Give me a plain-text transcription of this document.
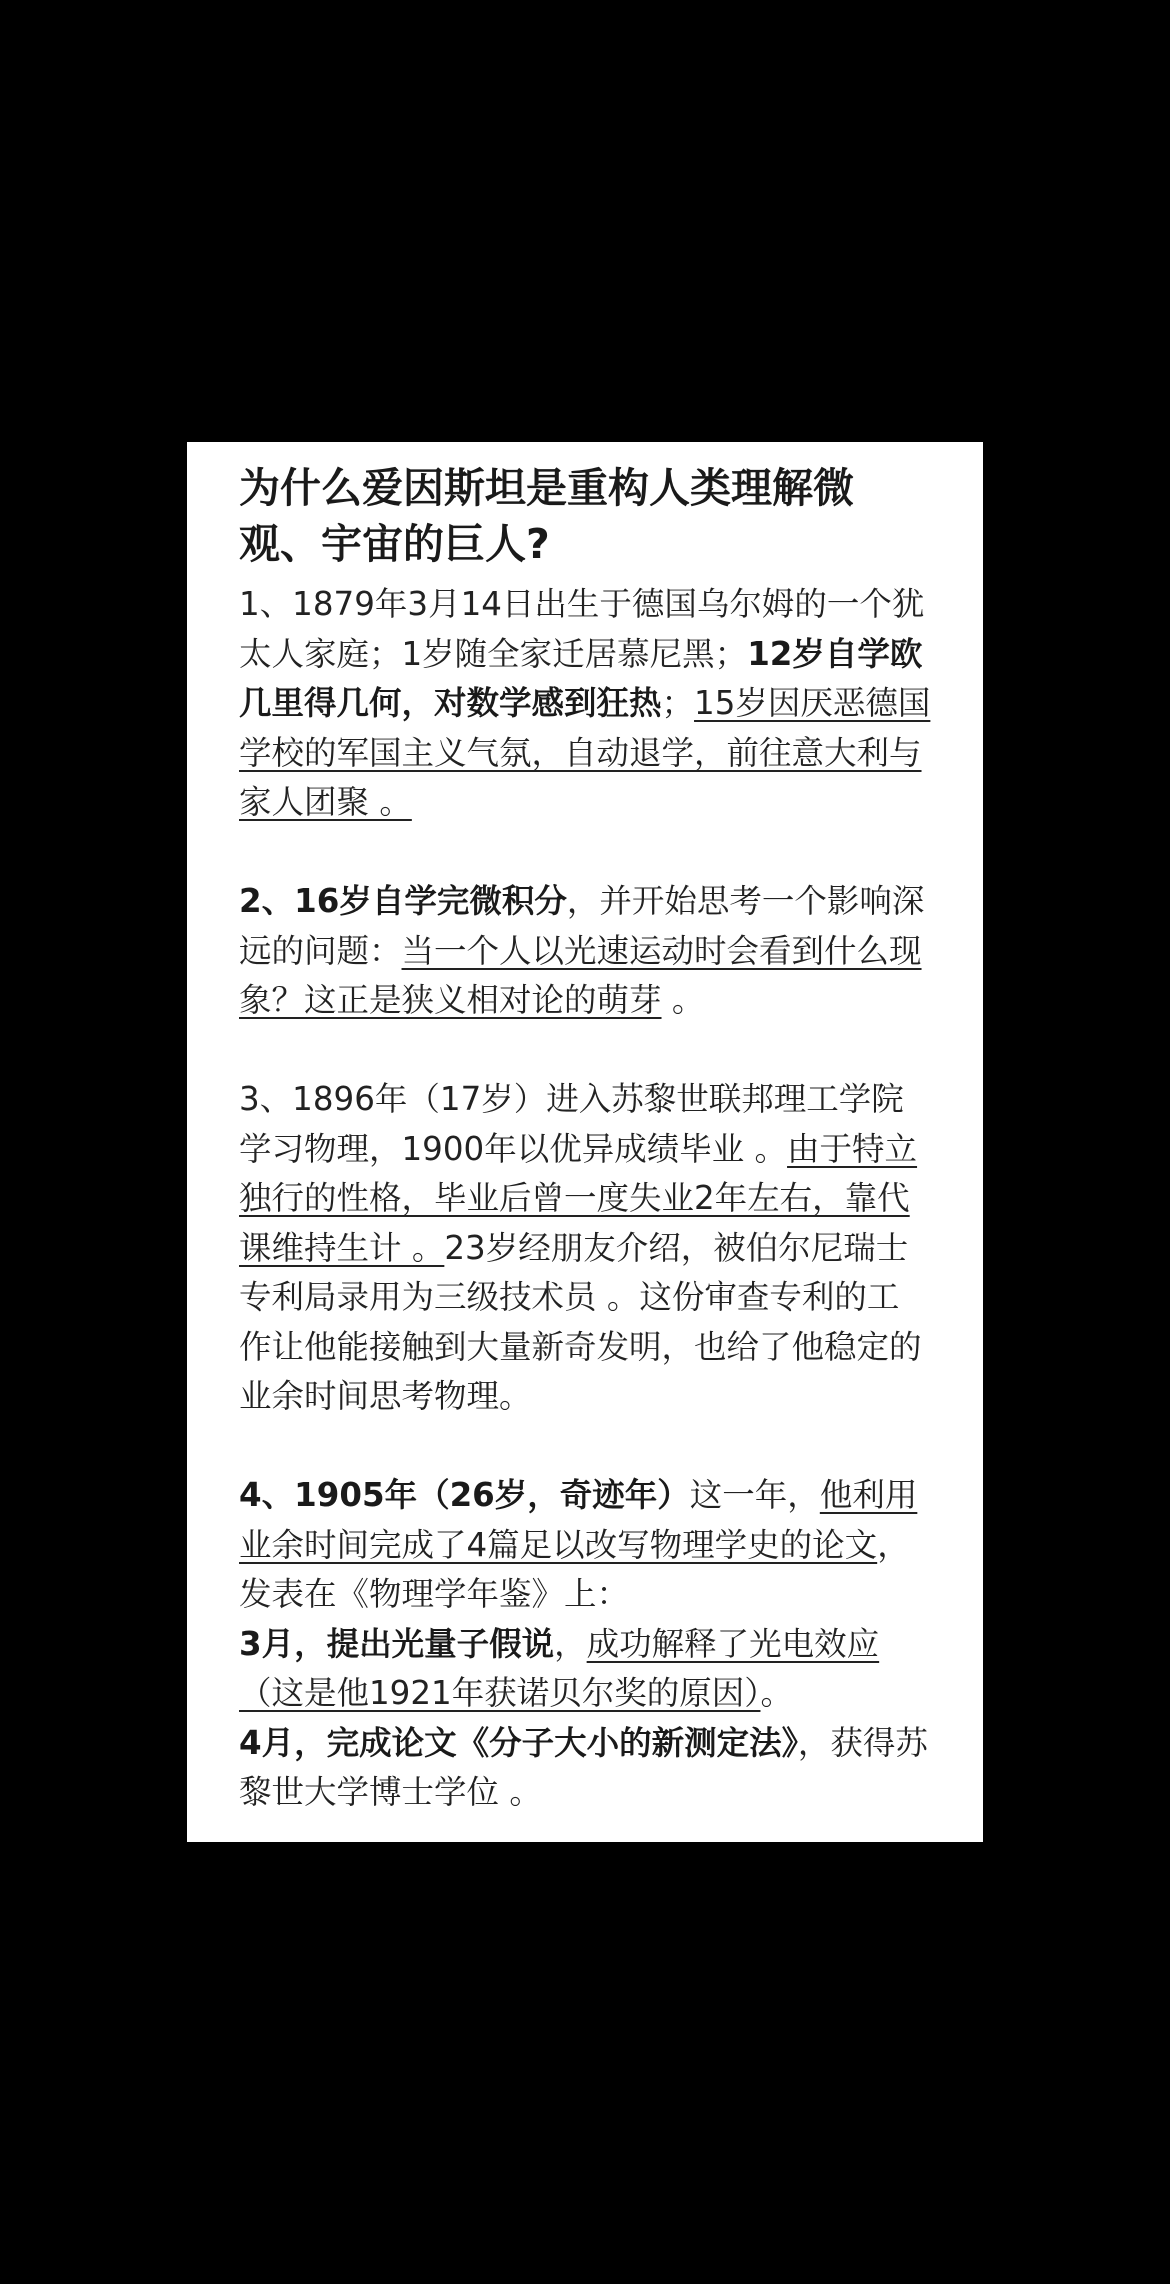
为什么爱因斯坦是重构人类理解微观、宇宙的巨人?

1、1879年3月14日出生于德国乌尔姆的一个犹太人家庭；1岁随全家迁居慕尼黑；12岁自学欧几里得几何，对数学感到狂热；15岁因厌恶德国学校的军国主义气氛，自动退学，前往意大利与家人团聚 。

2、16岁自学完微积分，并开始思考一个影响深远的问题：当一个人以光速运动时会看到什么现象？这正是狭义相对论的萌芽 。

3、1896年（17岁）进入苏黎世联邦理工学院学习物理，1900年以优异成绩毕业 。由于特立独行的性格，毕业后曾一度失业2年左右，靠代课维持生计 。23岁经朋友介绍，被伯尔尼瑞士专利局录用为三级技术员 。这份审查专利的工作让他能接触到大量新奇发明，也给了他稳定的业余时间思考物理。

4、1905年（26岁，奇迹年）这一年，他利用业余时间完成了4篇足以改写物理学史的论文，发表在《物理学年鉴》上：

3月，提出光量子假说，成功解释了光电效应（这是他1921年获诺贝尔奖的原因）。

4月，完成论文《分子大小的新测定法》，获得苏黎世大学博士学位 。
